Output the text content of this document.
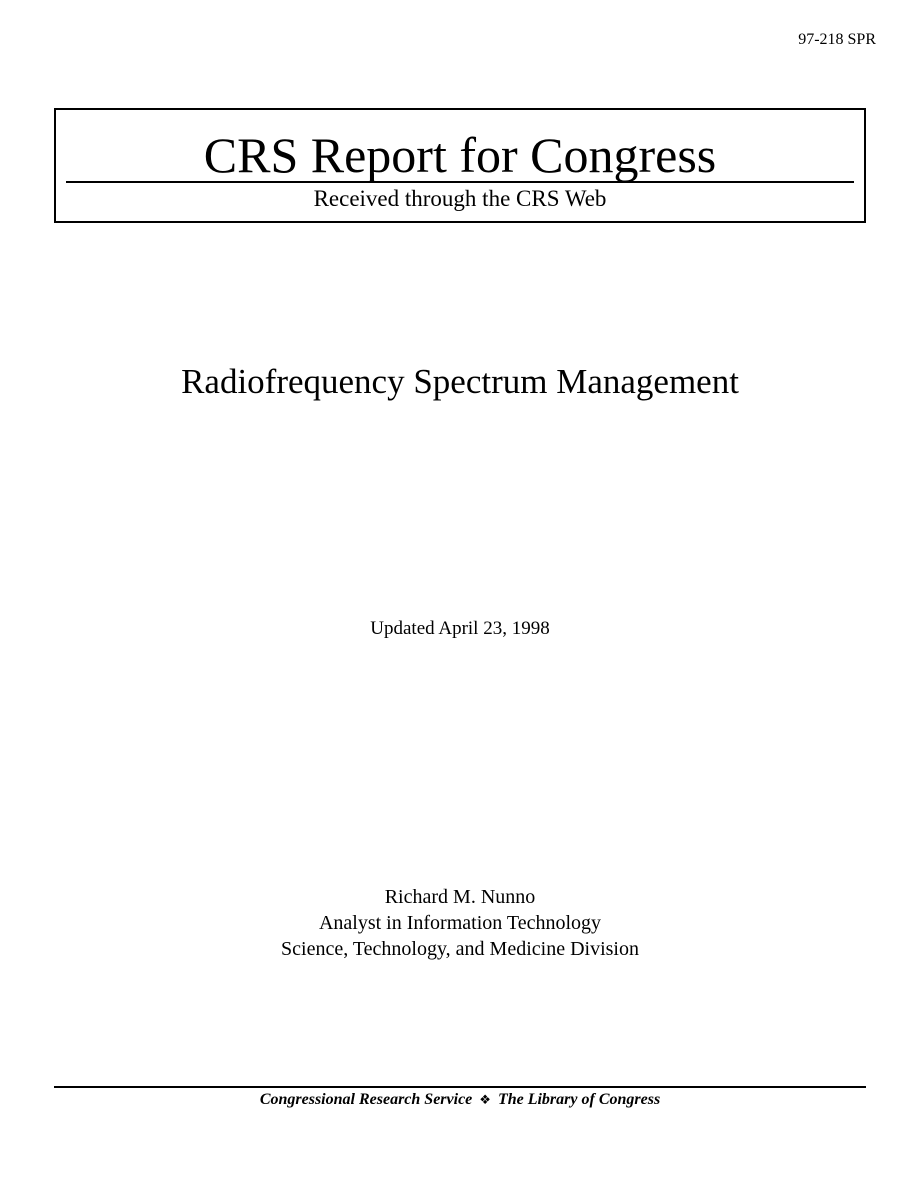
97-218 SPR
CRS Report for Congress
Received through the CRS Web
Radiofrequency Spectrum Management
Updated April 23, 1998
Richard M. Nunno
Analyst in Information Technology
Science, Technology, and Medicine Division
Congressional Research Service ❖ The Library of Congress
